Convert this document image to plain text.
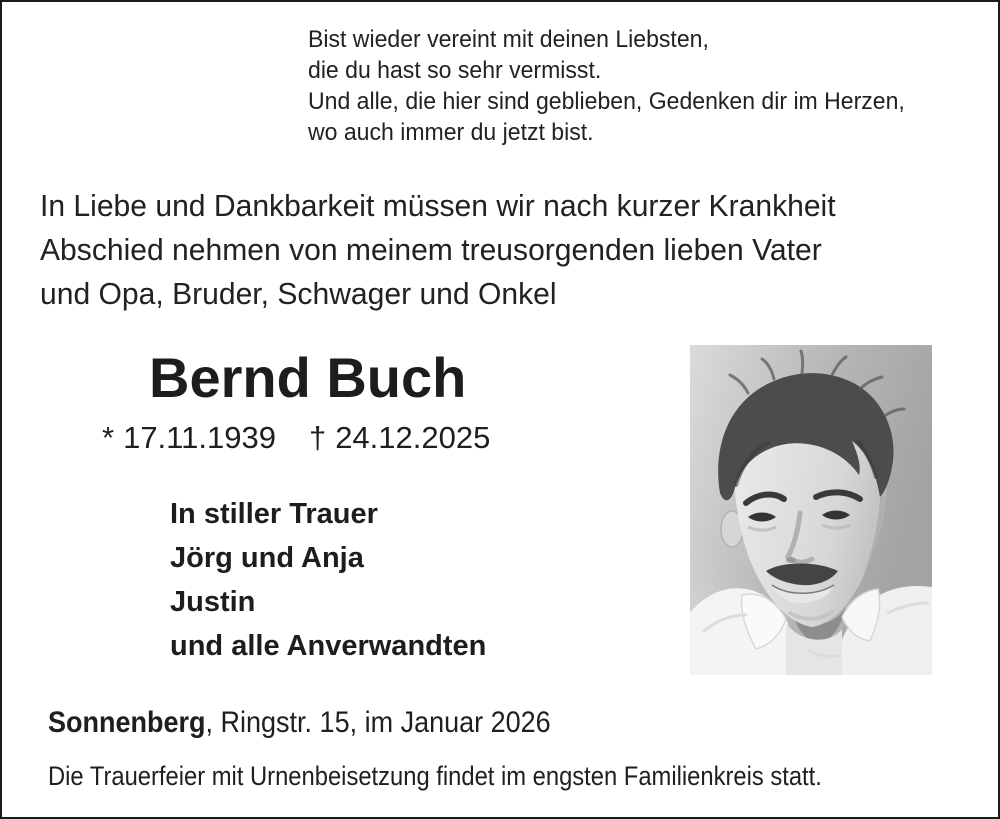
Bist wieder vereint mit deinen Liebsten,
die du hast so sehr vermisst.
Und alle, die hier sind geblieben, Gedenken dir im Herzen,
wo auch immer du jetzt bist.
In Liebe und Dankbarkeit müssen wir nach kurzer Krankheit
Abschied nehmen von meinem treusorgenden lieben Vater
und Opa, Bruder, Schwager und Onkel
Bernd Buch
* 17.11.1939 † 24.12.2025
In stiller Trauer
Jörg und Anja
Justin
und alle Anverwandten
Sonnenberg, Ringstr. 15, im Januar 2026
Die Trauerfeier mit Urnenbeisetzung findet im engsten Familienkreis statt.
